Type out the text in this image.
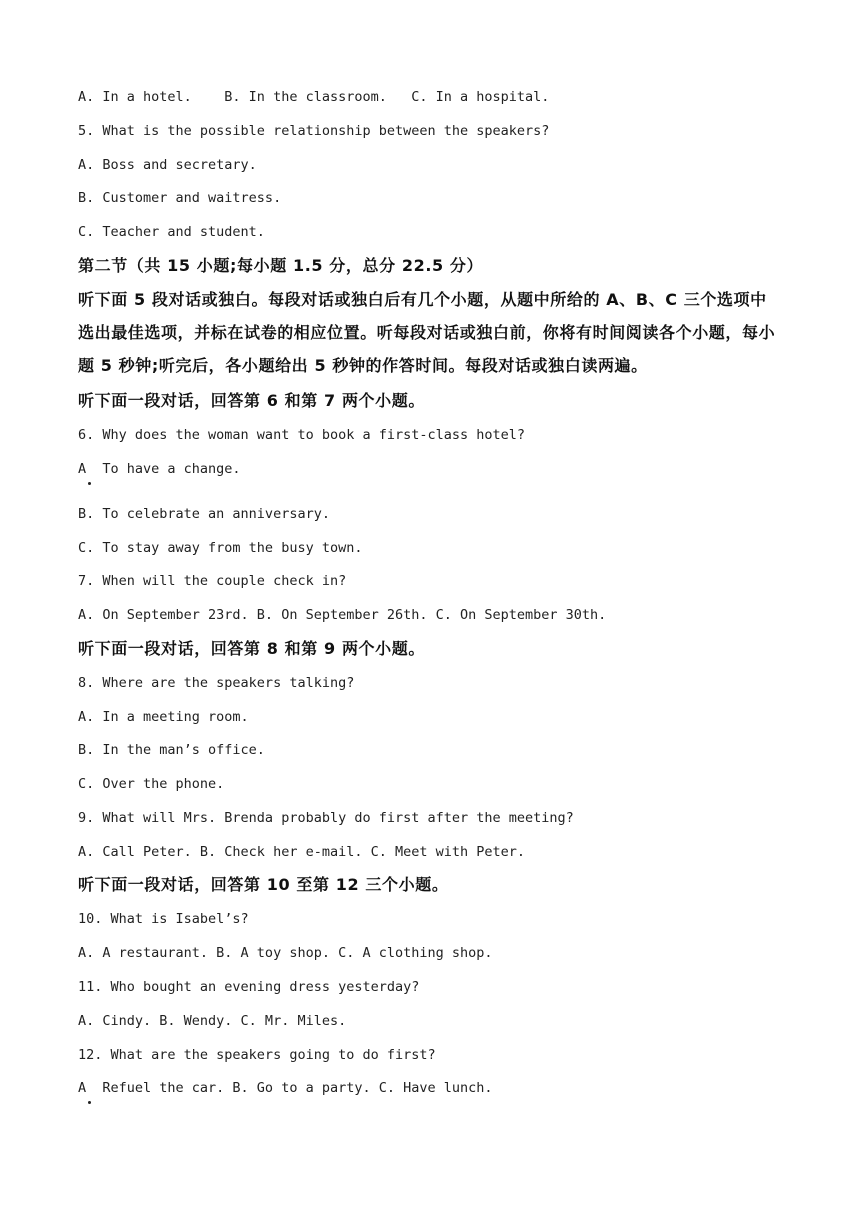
A. In a hotel.    B. In the classroom.   C. In a hospital.
5. What is the possible relationship between the speakers?
A. Boss and secretary.
B. Customer and waitress.
C. Teacher and student.
第二节（共 15 小题;每小题 1.5 分，总分 22.5 分）
听下面 5 段对话或独白。每段对话或独白后有几个小题，从题中所给的 A、B、C 三个选项中选出最佳选项，并标在试卷的相应位置。听每段对话或独白前，你将有时间阅读各个小题，每小题 5 秒钟;听完后，各小题给出 5 秒钟的作答时间。每段对话或独白读两遍。
听下面一段对话，回答第 6 和第 7 两个小题。
6. Why does the woman want to book a first-class hotel?
A  To have a change.
B. To celebrate an anniversary.
C. To stay away from the busy town.
7. When will the couple check in?
A. On September 23rd. B. On September 26th. C. On September 30th.
听下面一段对话，回答第 8 和第 9 两个小题。
8. Where are the speakers talking?
A. In a meeting room.
B. In the man’s office.
C. Over the phone.
9. What will Mrs. Brenda probably do first after the meeting?
A. Call Peter. B. Check her e-mail. C. Meet with Peter.
听下面一段对话，回答第 10 至第 12 三个小题。
10. What is Isabel’s?
A. A restaurant. B. A toy shop. C. A clothing shop.
11. Who bought an evening dress yesterday?
A. Cindy. B. Wendy. C. Mr. Miles.
12. What are the speakers going to do first?
A  Refuel the car. B. Go to a party. C. Have lunch.
